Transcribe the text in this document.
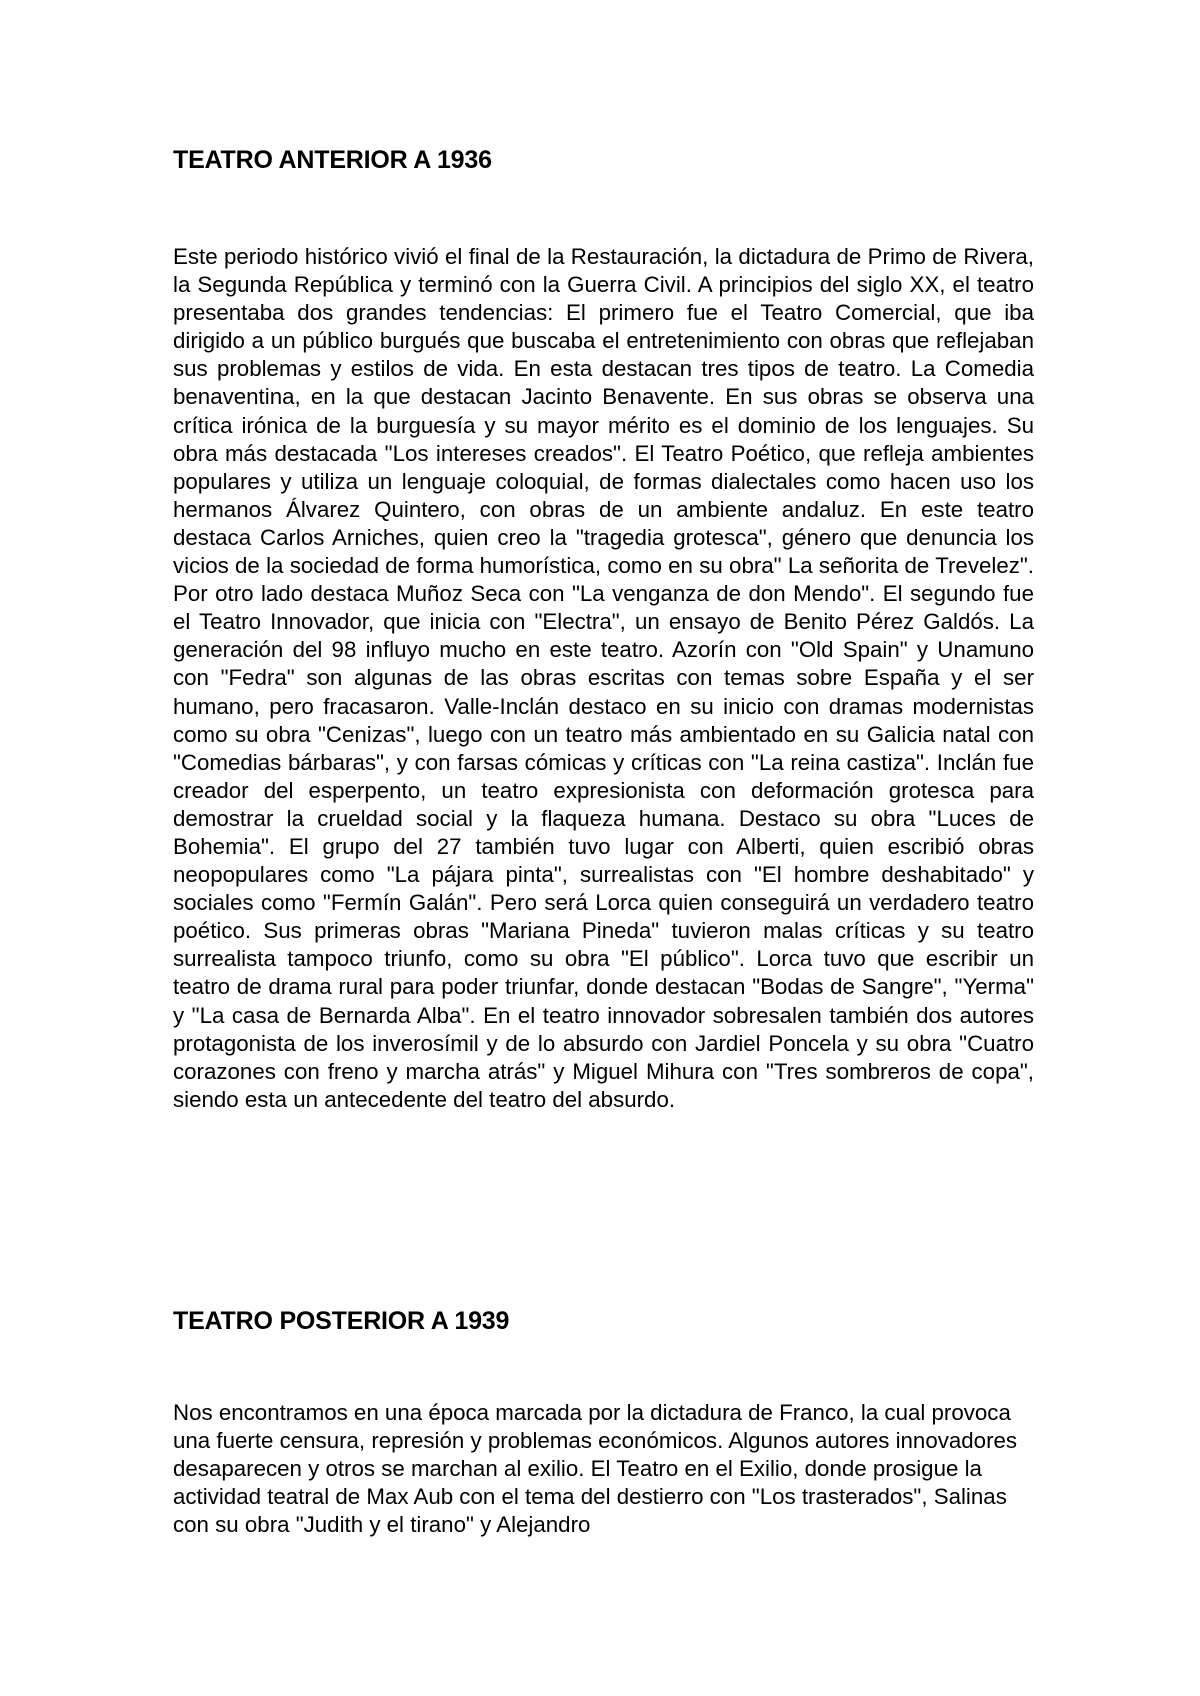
TEATRO ANTERIOR A 1936

Este periodo histórico vivió el final de la Restauración, la dictadura de Primo de Rivera, la Segunda República y terminó con la Guerra Civil. A principios del siglo XX, el teatro presentaba dos grandes tendencias: El primero fue el Teatro Comercial, que iba dirigido a un público burgués que buscaba el entretenimiento con obras que reflejaban sus problemas y estilos de vida. En esta destacan tres tipos de teatro. La Comedia benaventina, en la que destacan Jacinto Benavente. En sus obras se observa una crítica irónica de la burguesía y su mayor mérito es el dominio de los lenguajes. Su obra más destacada "Los intereses creados". El Teatro Poético, que refleja ambientes populares y utiliza un lenguaje coloquial, de formas dialectales como hacen uso los hermanos Álvarez Quintero, con obras de un ambiente andaluz. En este teatro destaca Carlos Arniches, quien creo la "tragedia grotesca", género que denuncia los vicios de la sociedad de forma humorística, como en su obra" La señorita de Trevelez". Por otro lado destaca Muñoz Seca con "La venganza de don Mendo". El segundo fue el Teatro Innovador, que inicia con "Electra", un ensayo de Benito Pérez Galdós. La generación del 98 influyo mucho en este teatro. Azorín con "Old Spain" y Unamuno con "Fedra" son algunas de las obras escritas con temas sobre España y el ser humano, pero fracasaron. Valle-Inclán destaco en su inicio con dramas modernistas como su obra "Cenizas", luego con un teatro más ambientado en su Galicia natal con "Comedias bárbaras", y con farsas cómicas y críticas con "La reina castiza". Inclán fue creador del esperpento, un teatro expresionista con deformación grotesca para demostrar la crueldad social y la flaqueza humana. Destaco su obra "Luces de Bohemia". El grupo del 27 también tuvo lugar con Alberti, quien escribió obras neopopulares como "La pájara pinta", surrealistas con "El hombre deshabitado" y sociales como "Fermín Galán". Pero será Lorca quien conseguirá un verdadero teatro poético. Sus primeras obras "Mariana Pineda" tuvieron malas críticas y su teatro surrealista tampoco triunfo, como su obra "El público". Lorca tuvo que escribir un teatro de drama rural para poder triunfar, donde destacan "Bodas de Sangre", "Yerma" y "La casa de Bernarda Alba". En el teatro innovador sobresalen también dos autores protagonista de los inverosímil y de lo absurdo con Jardiel Poncela y su obra "Cuatro corazones con freno y marcha atrás" y Miguel Mihura con "Tres sombreros de copa", siendo esta un antecedente del teatro del absurdo.

TEATRO POSTERIOR A 1939

Nos encontramos en una época marcada por la dictadura de Franco, la cual provoca una fuerte censura, represión y problemas económicos. Algunos autores innovadores desaparecen y otros se marchan al exilio. El Teatro en el Exilio, donde prosigue la actividad teatral de Max Aub con el tema del destierro con "Los trasterados", Salinas con su obra "Judith y el tirano" y Alejandro
